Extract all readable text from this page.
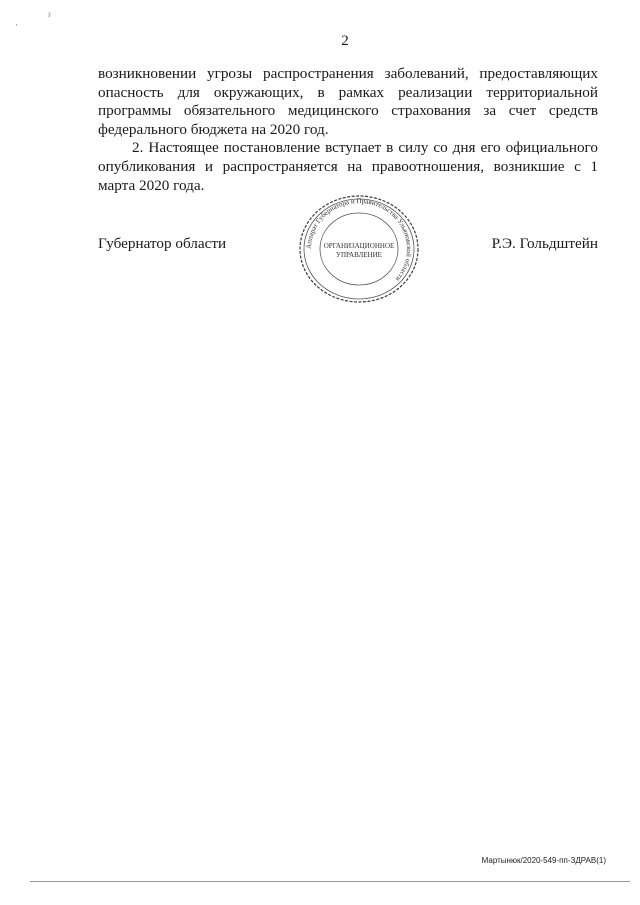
ˌ	ˀ
2

возникновении угрозы распространения заболеваний, предоставляющих опасность для окружающих, в рамках реализации территориальной программы обязательного медицинского страхования за счет средств федерального бюджета на 2020 год.

2. Настоящее постановление вступает в силу со дня его официального опубликования и распространяется на правоотношения, возникшие с 1 марта 2020 года.

Губернатор области	Аппарат Губернатора и Правительства Ульяновской области
ОРГАНИЗАЦИОННОЕ
УПРАВЛЕНИЕ
Р.Э. Гольдштейн
Мартынюк/2020-549-пп-ЗДРАВ(1)
